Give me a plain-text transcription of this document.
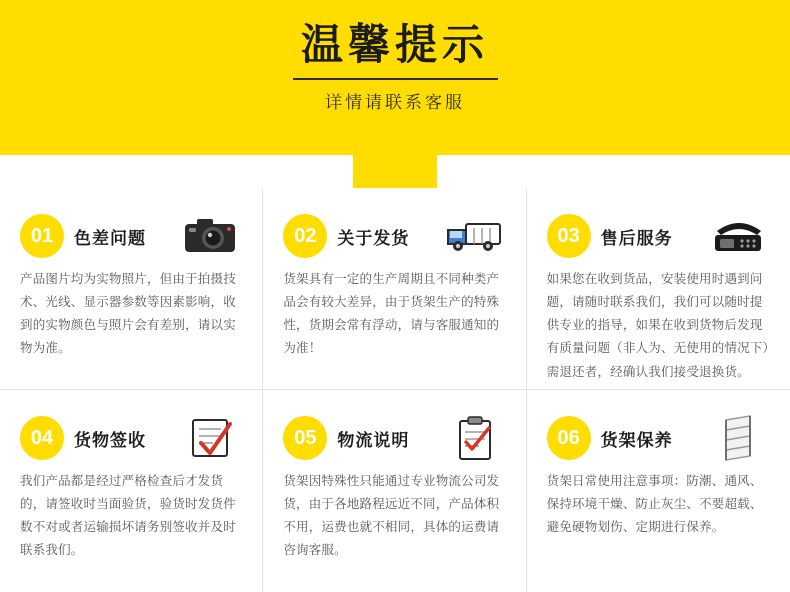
温馨提示
详情请联系客服
01	色差问题
产品图片均为实物照片，但由于拍摄技术、光线、显示器参数等因素影响，收到的实物颜色与照片会有差别，请以实物为准。
02	关于发货
货架具有一定的生产周期且不同种类产品会有较大差异，由于货架生产的特殊性，货期会常有浮动，请与客服通知的为准！
03	售后服务
如果您在收到货品，安装使用时遇到问题，请随时联系我们，我们可以随时提供专业的指导，如果在收到货物后发现有质量问题（非人为、无使用的情况下）需退还者，经确认我们接受退换货。
04	货物签收
我们产品都是经过严格检查后才发货的，请签收时当面验货，验货时发货件数不对或者运输损坏请务别签收并及时联系我们。
05	物流说明
货架因特殊性只能通过专业物流公司发货，由于各地路程远近不同，产品体积不用，运费也就不相同，具体的运费请咨询客服。
06	货架保养
货架日常使用注意事项：防潮、通风、保持环境干燥、防止灰尘、不要超载、避免硬物划伤、定期进行保养。
